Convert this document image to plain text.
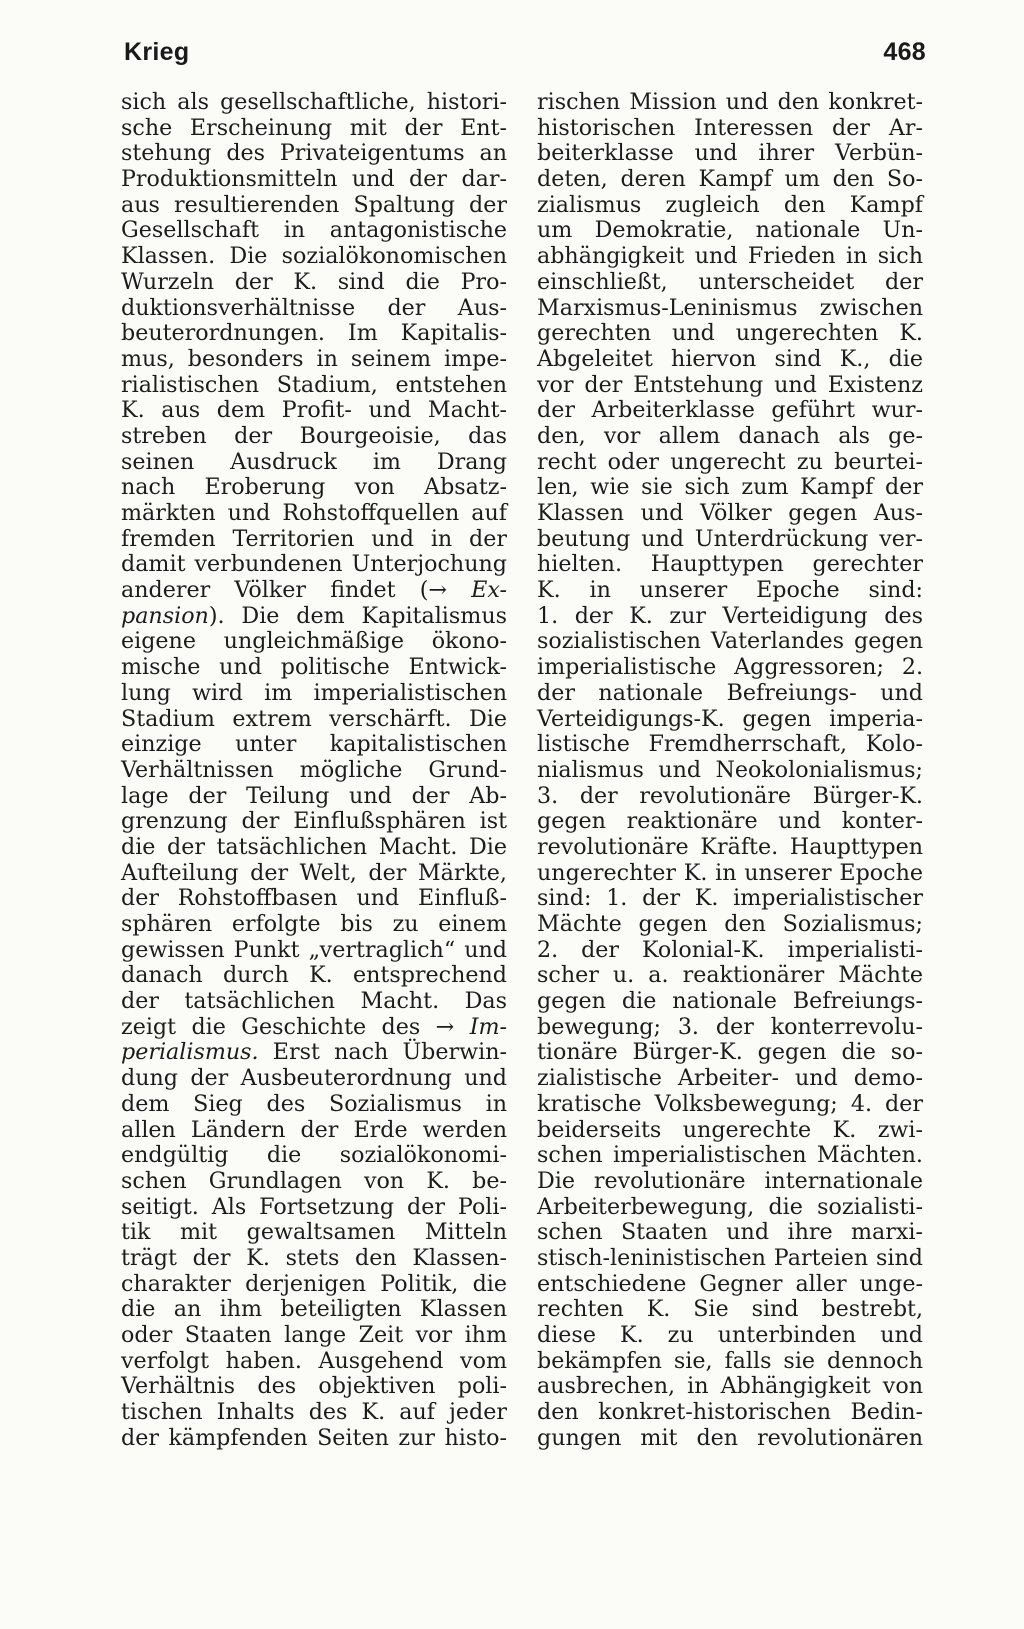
Krieg	468
sich als gesellschaftliche, histori-
sche Erscheinung mit der Ent-
stehung des Privateigentums an
Produktionsmitteln und der dar-
aus resultierenden Spaltung der
Gesellschaft in antagonistische
Klassen. Die sozialökonomischen
Wurzeln der K. sind die Pro-
duktionsverhältnisse der Aus-
beuterordnungen. Im Kapitalis-
mus, besonders in seinem impe-
rialistischen Stadium, entstehen
K. aus dem Profit- und Macht-
streben der Bourgeoisie, das
seinen Ausdruck im Drang
nach Eroberung von Absatz-
märkten und Rohstoffquellen auf
fremden Territorien und in der
damit verbundenen Unterjochung
anderer Völker findet (→ Ex-
pansion). Die dem Kapitalismus
eigene ungleichmäßige ökono-
mische und politische Entwick-
lung wird im imperialistischen
Stadium extrem verschärft. Die
einzige unter kapitalistischen
Verhältnissen mögliche Grund-
lage der Teilung und der Ab-
grenzung der Einflußsphären ist
die der tatsächlichen Macht. Die
Aufteilung der Welt, der Märkte,
der Rohstoffbasen und Einfluß-
sphären erfolgte bis zu einem
gewissen Punkt „vertraglich“ und
danach durch K. entsprechend
der tatsächlichen Macht. Das
zeigt die Geschichte des → Im-
perialismus. Erst nach Überwin-
dung der Ausbeuterordnung und
dem Sieg des Sozialismus in
allen Ländern der Erde werden
endgültig die sozialökonomi-
schen Grundlagen von K. be-
seitigt. Als Fortsetzung der Poli-
tik mit gewaltsamen Mitteln
trägt der K. stets den Klassen-
charakter derjenigen Politik, die
die an ihm beteiligten Klassen
oder Staaten lange Zeit vor ihm
verfolgt haben. Ausgehend vom
Verhältnis des objektiven poli-
tischen Inhalts des K. auf jeder
der kämpfenden Seiten zur histo-
rischen Mission und den konkret-
historischen Interessen der Ar-
beiterklasse und ihrer Verbün-
deten, deren Kampf um den So-
zialismus zugleich den Kampf
um Demokratie, nationale Un-
abhängigkeit und Frieden in sich
einschließt, unterscheidet der
Marxismus-Leninismus zwischen
gerechten und ungerechten K.
Abgeleitet hiervon sind K., die
vor der Entstehung und Existenz
der Arbeiterklasse geführt wur-
den, vor allem danach als ge-
recht oder ungerecht zu beurtei-
len, wie sie sich zum Kampf der
Klassen und Völker gegen Aus-
beutung und Unterdrückung ver-
hielten. Haupttypen gerechter
K. in unserer Epoche sind:
1. der K. zur Verteidigung des
sozialistischen Vaterlandes gegen
imperialistische Aggressoren; 2.
der nationale Befreiungs- und
Verteidigungs-K. gegen imperia-
listische Fremdherrschaft, Kolo-
nialismus und Neokolonialismus;
3. der revolutionäre Bürger-K.
gegen reaktionäre und konter-
revolutionäre Kräfte. Haupttypen
ungerechter K. in unserer Epoche
sind: 1. der K. imperialistischer
Mächte gegen den Sozialismus;
2. der Kolonial-K. imperialisti-
scher u. a. reaktionärer Mächte
gegen die nationale Befreiungs-
bewegung; 3. der konterrevolu-
tionäre Bürger-K. gegen die so-
zialistische Arbeiter- und demo-
kratische Volksbewegung; 4. der
beiderseits ungerechte K. zwi-
schen imperialistischen Mächten.
Die revolutionäre internationale
Arbeiterbewegung, die sozialisti-
schen Staaten und ihre marxi-
stisch-leninistischen Parteien sind
entschiedene Gegner aller unge-
rechten K. Sie sind bestrebt,
diese K. zu unterbinden und
bekämpfen sie, falls sie dennoch
ausbrechen, in Abhängigkeit von
den konkret-historischen Bedin-
gungen mit den revolutionären
